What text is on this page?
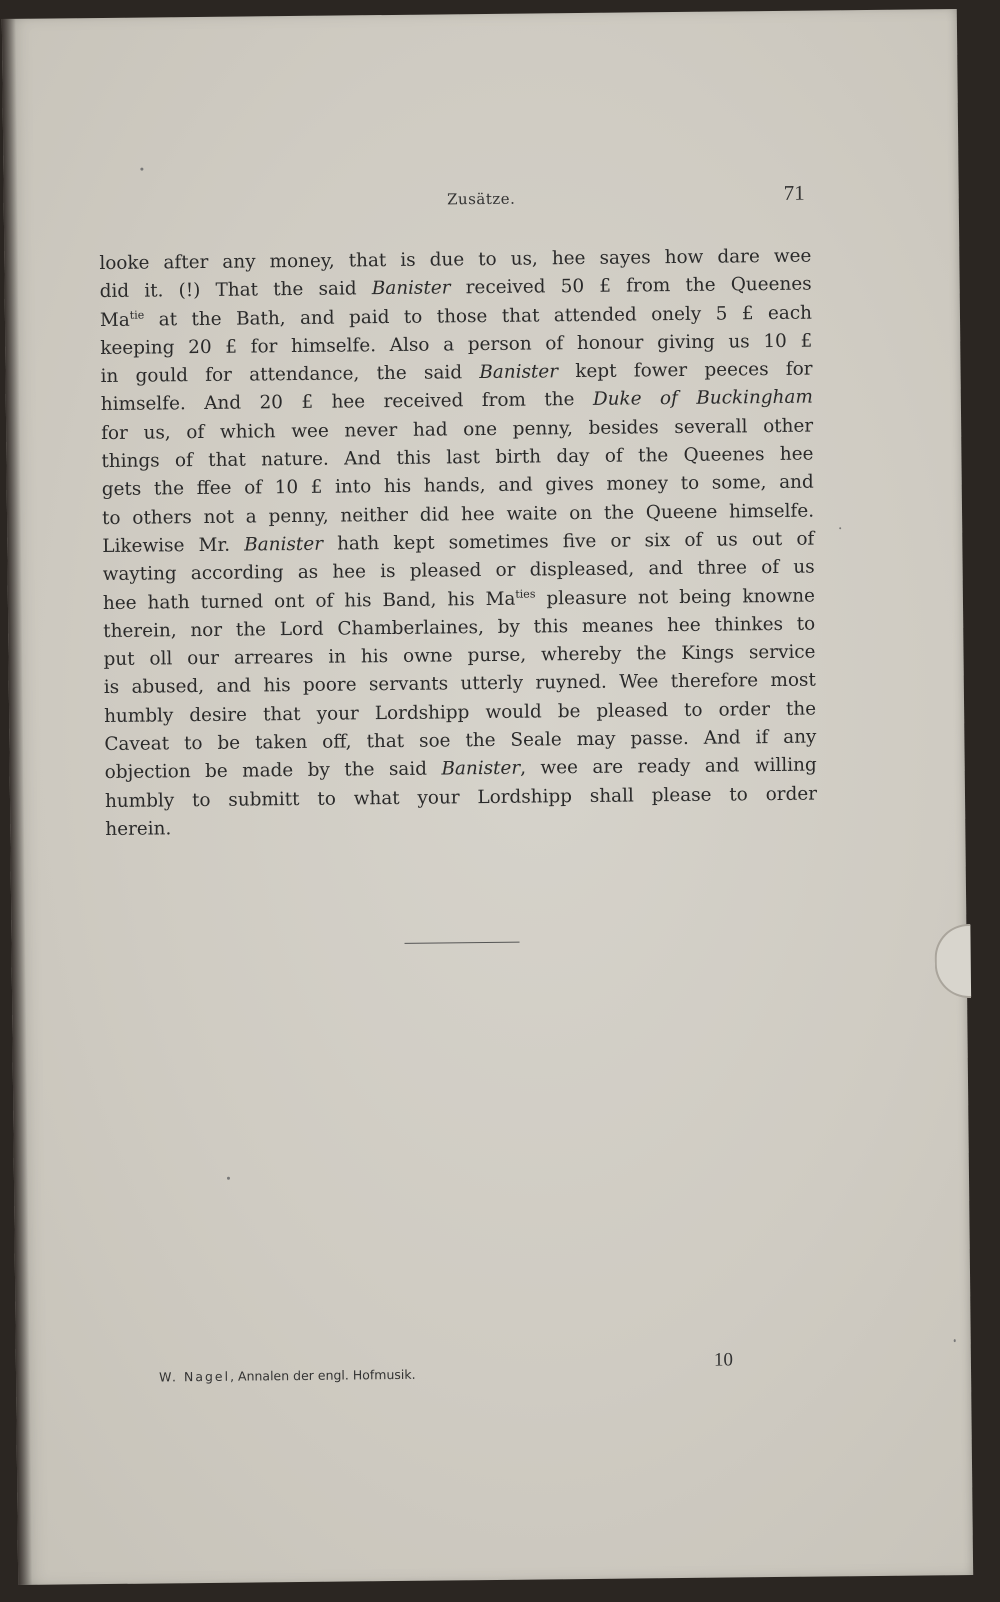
Zusätze.	71
looke after any money, that is due to us, hee sayes how dare wee
did it. (!) That the said Banister received 50 £ from the Queenes
$Ma^{tie}$ at the Bath, and paid to those that attended onely 5 £ each
keeping 20 £ for himselfe. Also a person of honour giving us 10 £
in gould for attendance, the said Banister kept fower peeces for
himselfe. And 20 £ hee received from the Duke of Buckingham
for us, of which wee never had one penny, besides severall other
things of that nature. And this last birth day of the Queenes hee
gets the ffee of 10 £ into his hands, and gives money to some, and
to others not a penny, neither did hee waite on the Queene himselfe.
Likewise Mr. Banister hath kept sometimes five or six of us out of
wayting according as hee is pleased or displeased, and three of us
hee hath turned ont of his Band, his $Ma^{ties}$ pleasure not being knowne
therein, nor the Lord Chamberlaines, by this meanes hee thinkes to
put oll our arreares in his owne purse, whereby the Kings service
is abused, and his poore servants utterly ruyned. Wee therefore most
humbly desire that your Lordshipp would be pleased to order the
Caveat to be taken off, that soe the Seale may passe. And if any
objection be made by the said Banister, wee are ready and willing
humbly to submitt to what your Lordshipp shall please to order
herein.
W. Nagel, Annalen der engl. Hofmusik.
10
